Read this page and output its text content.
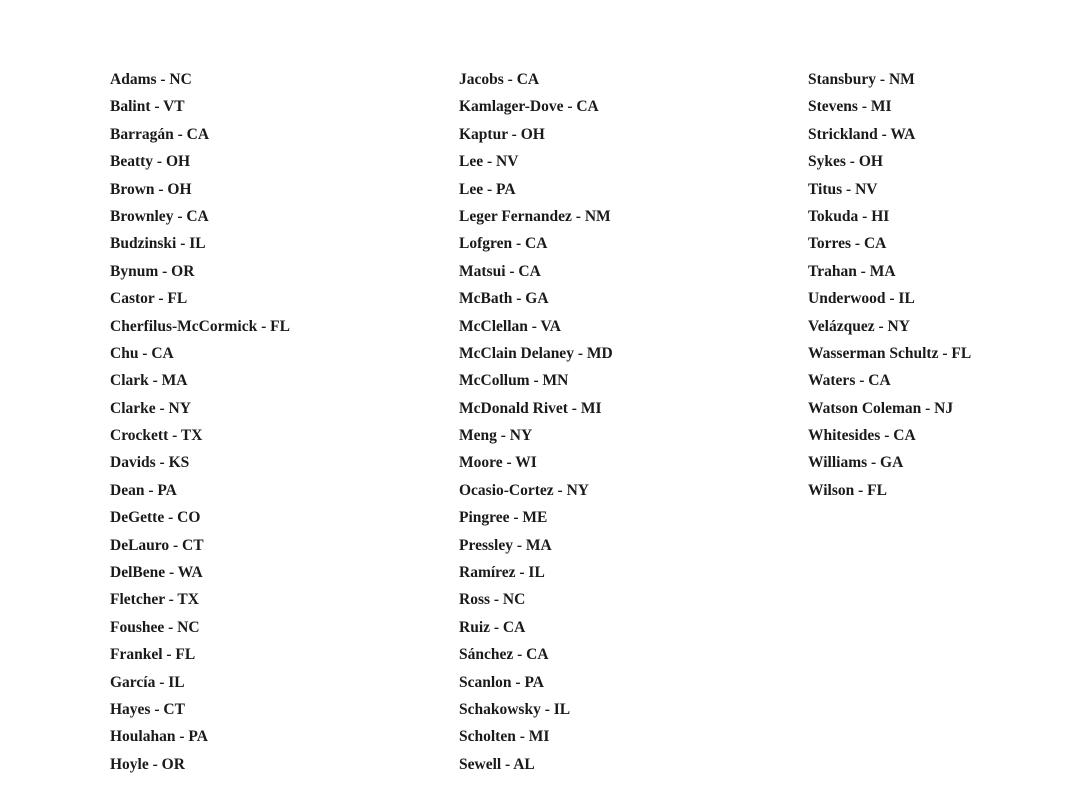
Adams - NC
Balint - VT
Barragán - CA
Beatty - OH
Brown - OH
Brownley - CA
Budzinski - IL
Bynum - OR
Castor - FL
Cherfilus-McCormick - FL
Chu - CA
Clark - MA
Clarke - NY
Crockett - TX
Davids - KS
Dean - PA
DeGette - CO
DeLauro - CT
DelBene - WA
Fletcher - TX
Foushee - NC
Frankel - FL
García - IL
Hayes - CT
Houlahan - PA
Hoyle - OR
Jacobs - CA
Kamlager-Dove - CA
Kaptur - OH
Lee - NV
Lee - PA
Leger Fernandez - NM
Lofgren - CA
Matsui - CA
McBath - GA
McClellan - VA
McClain Delaney - MD
McCollum - MN
McDonald Rivet - MI
Meng - NY
Moore - WI
Ocasio-Cortez - NY
Pingree - ME
Pressley - MA
Ramírez - IL
Ross - NC
Ruiz - CA
Sánchez - CA
Scanlon - PA
Schakowsky - IL
Scholten - MI
Sewell - AL
Stansbury - NM
Stevens - MI
Strickland - WA
Sykes - OH
Titus - NV
Tokuda - HI
Torres - CA
Trahan - MA
Underwood - IL
Velázquez - NY
Wasserman Schultz - FL
Waters - CA
Watson Coleman - NJ
Whitesides - CA
Williams - GA
Wilson - FL
